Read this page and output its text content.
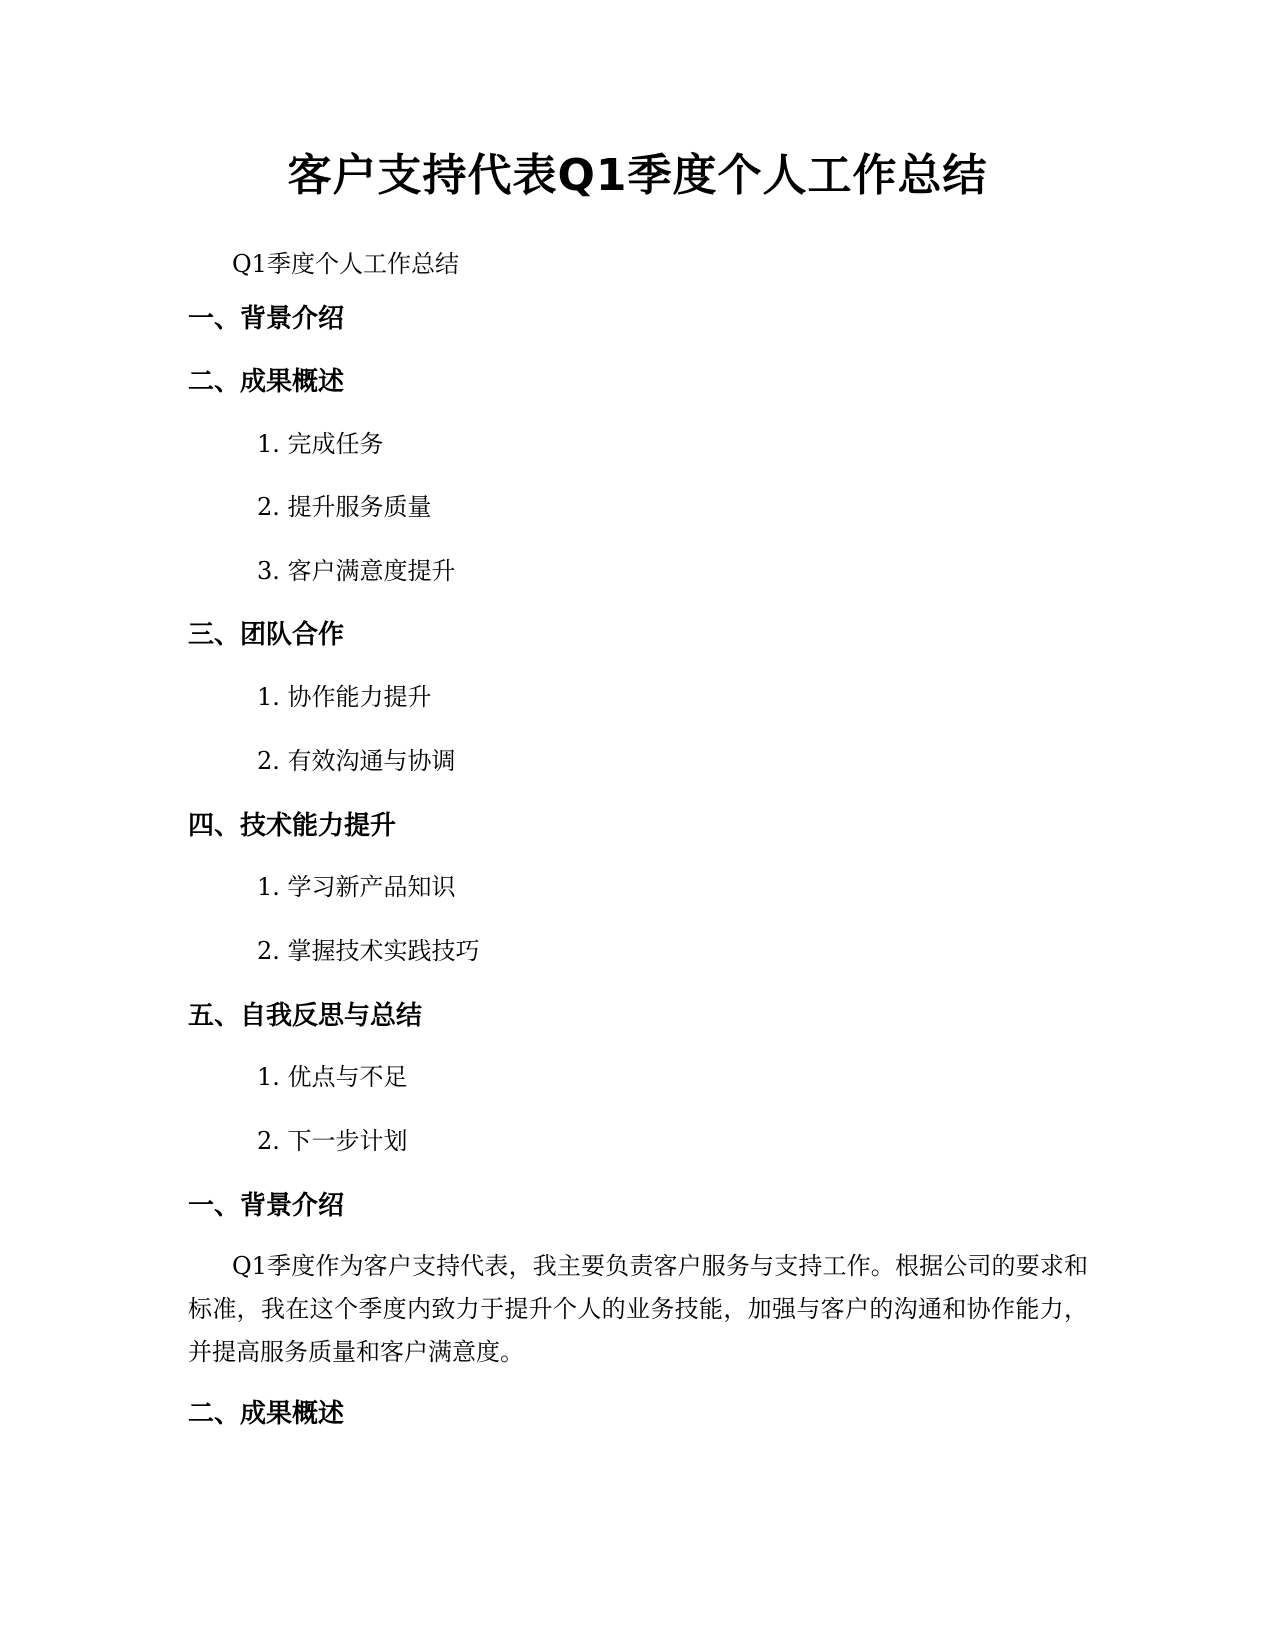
客户支持代表Q1季度个人工作总结
Q1季度个人工作总结
一、背景介绍
二、成果概述
1. 完成任务
2. 提升服务质量
3. 客户满意度提升
三、团队合作
1. 协作能力提升
2. 有效沟通与协调
四、技术能力提升
1. 学习新产品知识
2. 掌握技术实践技巧
五、自我反思与总结
1. 优点与不足
2. 下一步计划
一、背景介绍
Q1季度作为客户支持代表，我主要负责客户服务与支持工作。根据公司的要求和标准，我在这个季度内致力于提升个人的业务技能，加强与客户的沟通和协作能力，并提高服务质量和客户满意度。
二、成果概述
